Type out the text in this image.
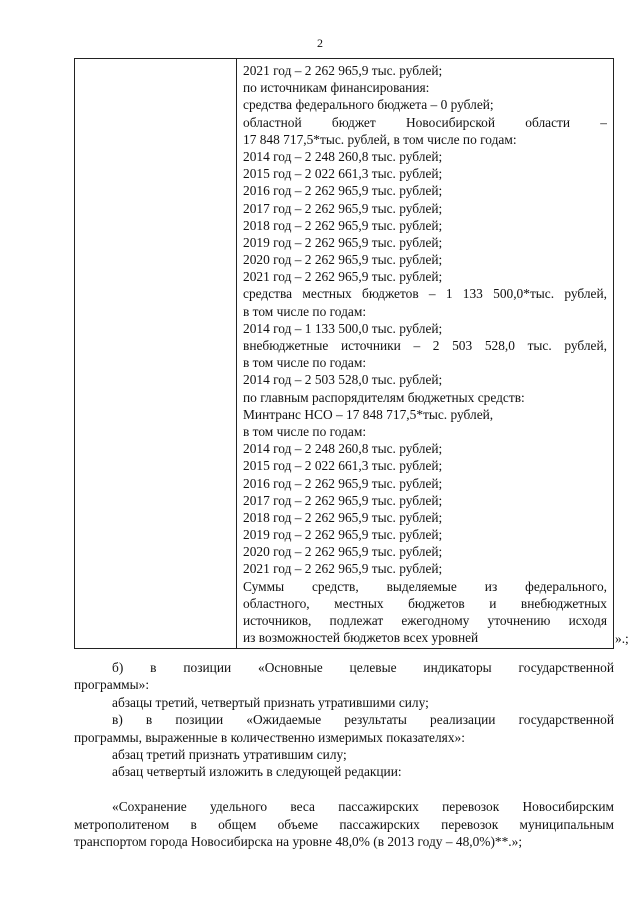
2
2021 год – 2 262 965,9 тыс. рублей;
по источникам финансирования:
средства федерального бюджета – 0 рублей;
областной бюджет Новосибирской области –
17 848 717,5*тыс. рублей, в том числе по годам:
2014 год – 2 248 260,8 тыс. рублей;
2015 год – 2 022 661,3 тыс. рублей;
2016 год – 2 262 965,9 тыс. рублей;
2017 год – 2 262 965,9 тыс. рублей;
2018 год – 2 262 965,9 тыс. рублей;
2019 год – 2 262 965,9 тыс. рублей;
2020 год – 2 262 965,9 тыс. рублей;
2021 год – 2 262 965,9 тыс. рублей;
средства местных бюджетов – 1 133 500,0*тыс. рублей,
в том числе по годам:
2014 год – 1 133 500,0 тыс. рублей;
внебюджетные источники – 2 503 528,0 тыс. рублей,
в том числе по годам:
2014 год – 2 503 528,0 тыс. рублей;
по главным распорядителям бюджетных средств:
Минтранс НСО – 17 848 717,5*тыс. рублей,
в том числе по годам:
2014 год – 2 248 260,8 тыс. рублей;
2015 год – 2 022 661,3 тыс. рублей;
2016 год – 2 262 965,9 тыс. рублей;
2017 год – 2 262 965,9 тыс. рублей;
2018 год – 2 262 965,9 тыс. рублей;
2019 год – 2 262 965,9 тыс. рублей;
2020 год – 2 262 965,9 тыс. рублей;
2021 год – 2 262 965,9 тыс. рублей;
Суммы средств, выделяемые из федерального,
областного, местных бюджетов и внебюджетных
источников, подлежат ежегодному уточнению исходя
из возможностей бюджетов всех уровней	».;
б) в позиции «Основные целевые индикаторы государственной
программы»:
абзацы третий, четвертый признать утратившими силу;
в) в позиции «Ожидаемые результаты реализации государственной
программы, выраженные в количественно измеримых показателях»:
абзац третий признать утратившим силу;
абзац четвертый изложить в следующей редакции:
«Сохранение удельного веса пассажирских перевозок Новосибирским
метрополитеном в общем объеме пассажирских перевозок муниципальным
транспортом города Новосибирска на уровне 48,0% (в 2013 году – 48,0%)**.»;
